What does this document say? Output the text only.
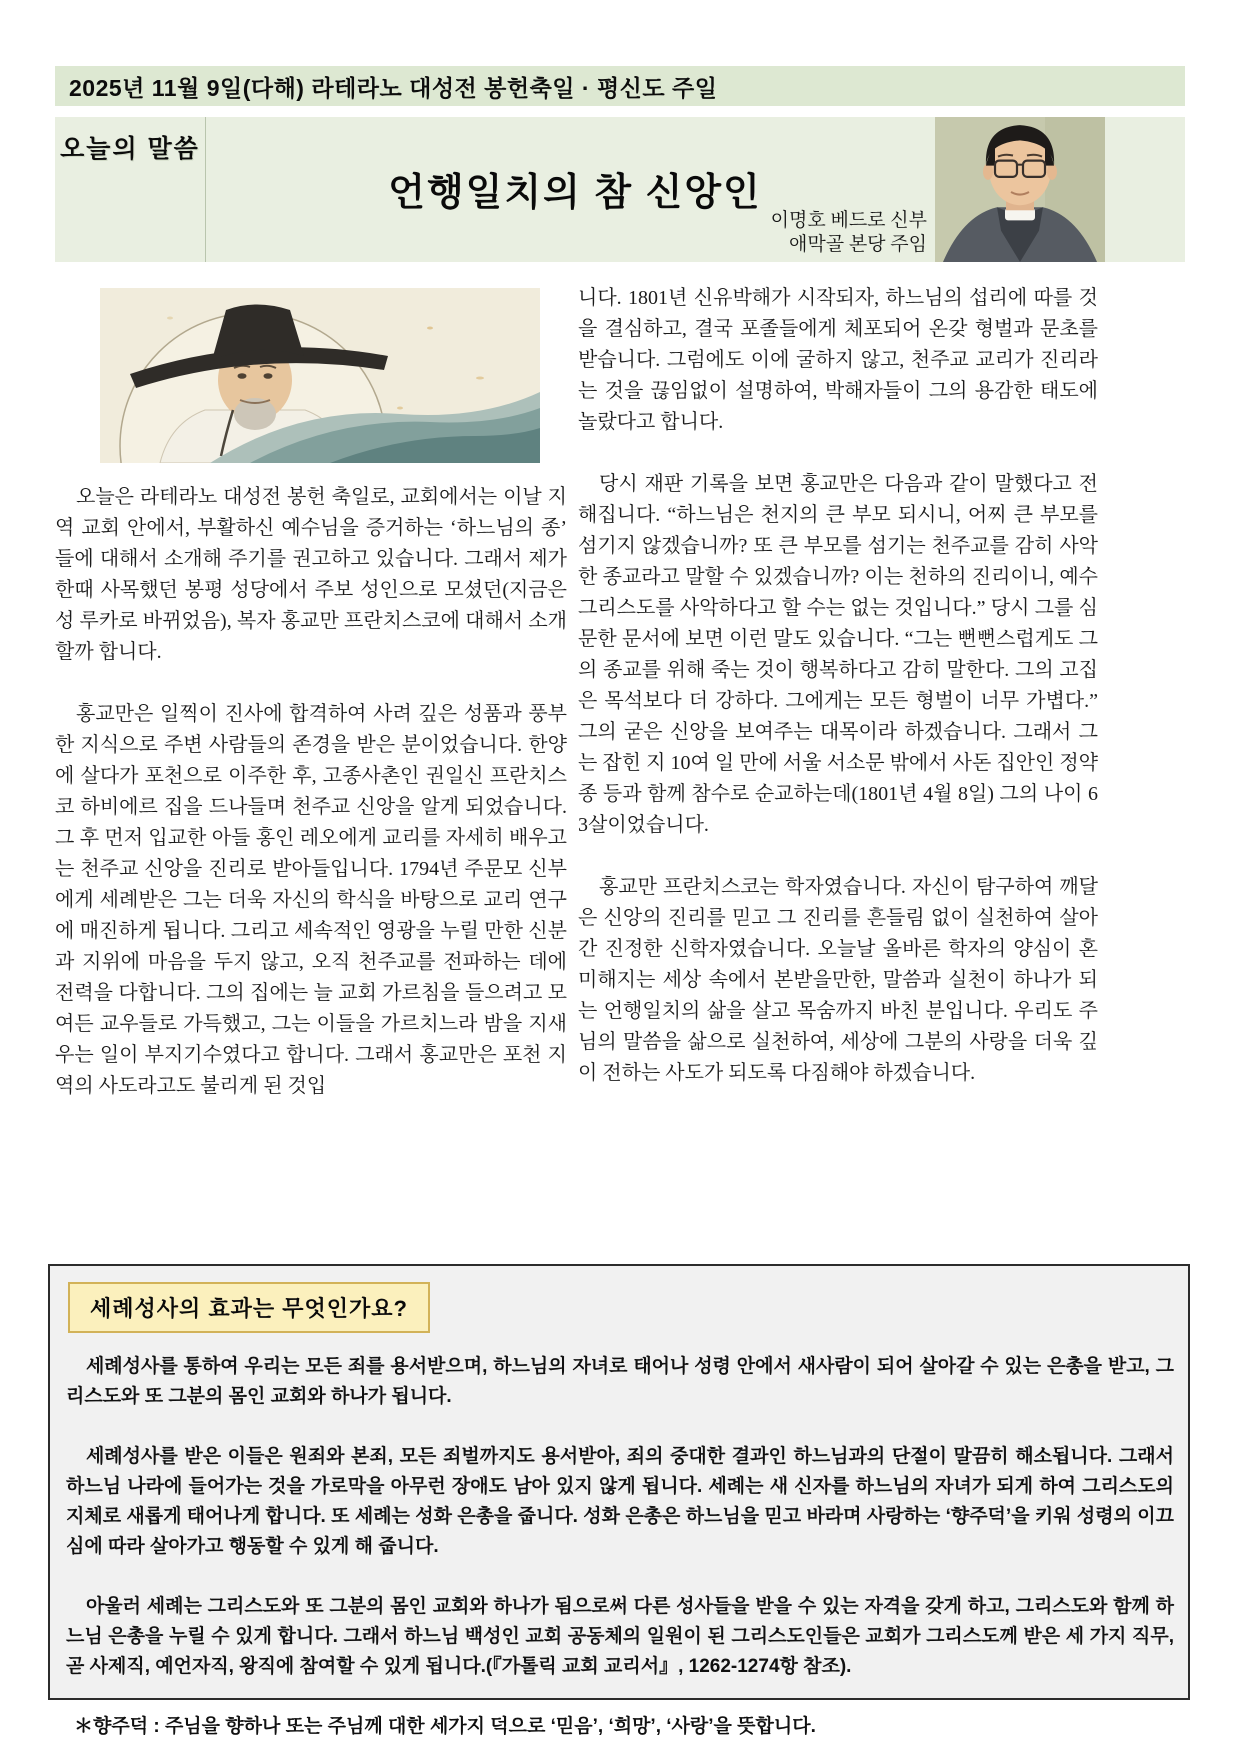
2025년 11월 9일(다해) 라테라노 대성전 봉헌축일 · 평신도 주일
오늘의 말씀
언행일치의 참 신앙인
이명호 베드로 신부
애막골 본당 주임

오늘은 라테라노 대성전 봉헌 축일로, 교회에서는 이날 지역 교회 안에서, 부활하신 예수님을 증거하는 ‘하느님의 종’ 들에 대해서 소개해 주기를 권고하고 있습니다. 그래서 제가 한때 사목했던 봉평 성당에서 주보 성인으로 모셨던(지금은 성 루카로 바뀌었음), 복자 홍교만 프란치스코에 대해서 소개할까 합니다.

홍교만은 일찍이 진사에 합격하여 사려 깊은 성품과 풍부한 지식으로 주변 사람들의 존경을 받은 분이었습니다. 한양에 살다가 포천으로 이주한 후, 고종사촌인 권일신 프란치스코 하비에르 집을 드나들며 천주교 신앙을 알게 되었습니다. 그 후 먼저 입교한 아들 홍인 레오에게 교리를 자세히 배우고는 천주교 신앙을 진리로 받아들입니다. 1794년 주문모 신부에게 세례받은 그는 더욱 자신의 학식을 바탕으로 교리 연구에 매진하게 됩니다. 그리고 세속적인 영광을 누릴 만한 신분과 지위에 마음을 두지 않고, 오직 천주교를 전파하는 데에 전력을 다합니다. 그의 집에는 늘 교회 가르침을 들으려고 모여든 교우들로 가득했고, 그는 이들을 가르치느라 밤을 지새우는 일이 부지기수였다고 합니다. 그래서 홍교만은 포천 지역의 사도라고도 불리게 된 것입

니다. 1801년 신유박해가 시작되자, 하느님의 섭리에 따를 것을 결심하고, 결국 포졸들에게 체포되어 온갖 형벌과 문초를 받습니다. 그럼에도 이에 굴하지 않고, 천주교 교리가 진리라는 것을 끊임없이 설명하여, 박해자들이 그의 용감한 태도에 놀랐다고 합니다.

당시 재판 기록을 보면 홍교만은 다음과 같이 말했다고 전해집니다. “하느님은 천지의 큰 부모 되시니, 어찌 큰 부모를 섬기지 않겠습니까? 또 큰 부모를 섬기는 천주교를 감히 사악한 종교라고 말할 수 있겠습니까? 이는 천하의 진리이니, 예수 그리스도를 사악하다고 할 수는 없는 것입니다.” 당시 그를 심문한 문서에 보면 이런 말도 있습니다. “그는 뻔뻔스럽게도 그의 종교를 위해 죽는 것이 행복하다고 감히 말한다. 그의 고집은 목석보다 더 강하다. 그에게는 모든 형벌이 너무 가볍다.” 그의 굳은 신앙을 보여주는 대목이라 하겠습니다. 그래서 그는 잡힌 지 10여 일 만에 서울 서소문 밖에서 사돈 집안인 정약종 등과 함께 참수로 순교하는데(1801년 4월 8일) 그의 나이 63살이었습니다.

홍교만 프란치스코는 학자였습니다. 자신이 탐구하여 깨달은 신앙의 진리를 믿고 그 진리를 흔들림 없이 실천하여 살아간 진정한 신학자였습니다. 오늘날 올바른 학자의 양심이 혼미해지는 세상 속에서 본받을만한, 말씀과 실천이 하나가 되는 언행일치의 삶을 살고 목숨까지 바친 분입니다. 우리도 주님의 말씀을 삶으로 실천하여, 세상에 그분의 사랑을 더욱 깊이 전하는 사도가 되도록 다짐해야 하겠습니다.

세례성사의 효과는 무엇인가요?

세례성사를 통하여 우리는 모든 죄를 용서받으며, 하느님의 자녀로 태어나 성령 안에서 새사람이 되어 살아갈 수 있는 은총을 받고, 그리스도와 또 그분의 몸인 교회와 하나가 됩니다.

세례성사를 받은 이들은 원죄와 본죄, 모든 죄벌까지도 용서받아, 죄의 중대한 결과인 하느님과의 단절이 말끔히 해소됩니다. 그래서 하느님 나라에 들어가는 것을 가로막을 아무런 장애도 남아 있지 않게 됩니다. 세례는 새 신자를 하느님의 자녀가 되게 하여 그리스도의 지체로 새롭게 태어나게 합니다. 또 세례는 성화 은총을 줍니다. 성화 은총은 하느님을 믿고 바라며 사랑하는 ‘향주덕’을 키워 성령의 이끄심에 따라 살아가고 행동할 수 있게 해 줍니다.

아울러 세례는 그리스도와 또 그분의 몸인 교회와 하나가 됨으로써 다른 성사들을 받을 수 있는 자격을 갖게 하고, 그리스도와 함께 하느님 은총을 누릴 수 있게 합니다. 그래서 하느님 백성인 교회 공동체의 일원이 된 그리스도인들은 교회가 그리스도께 받은 세 가지 직무, 곧 사제직, 예언자직, 왕직에 참여할 수 있게 됩니다.(『가톨릭 교회 교리서』, 1262-1274항 참조).

＊향주덕 : 주님을 향하나 또는 주님께 대한 세가지 덕으로 ‘믿음’, ‘희망’, ‘사랑’을 뜻합니다.
